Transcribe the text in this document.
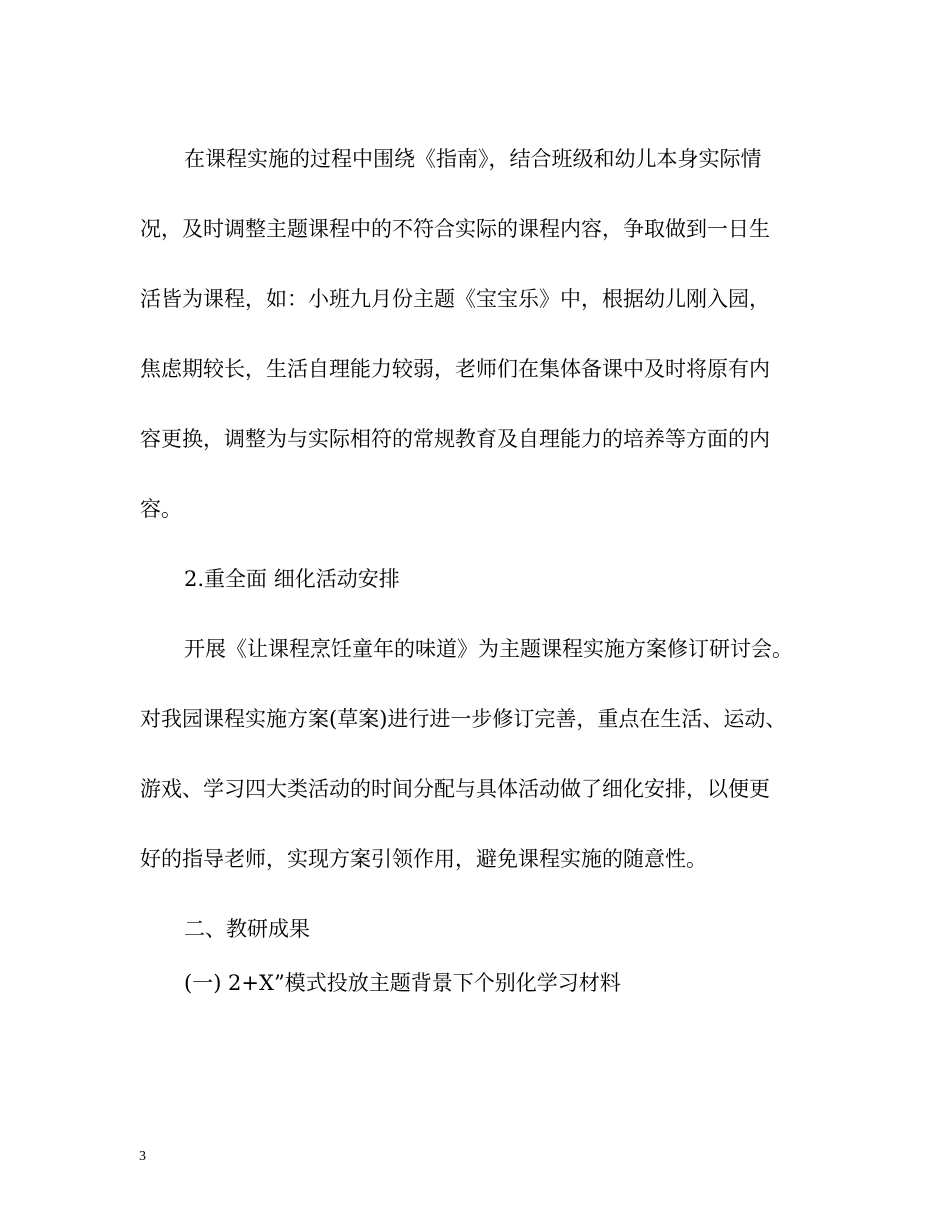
在课程实施的过程中围绕《指南》，结合班级和幼儿本身实际情
况，及时调整主题课程中的不符合实际的课程内容，争取做到一日生
活皆为课程，如：小班九月份主题《宝宝乐》中，根据幼儿刚入园，
焦虑期较长，生活自理能力较弱，老师们在集体备课中及时将原有内
容更换，调整为与实际相符的常规教育及自理能力的培养等方面的内
容。
2.重全面 细化活动安排
开展《让课程烹饪童年的味道》为主题课程实施方案修订研讨会。
对我园课程实施方案(草案)进行进一步修订完善，重点在生活、运动、
游戏、学习四大类活动的时间分配与具体活动做了细化安排，以便更
好的指导老师，实现方案引领作用，避免课程实施的随意性。
二、教研成果
(一) 2+X”模式投放主题背景下个别化学习材料
3
